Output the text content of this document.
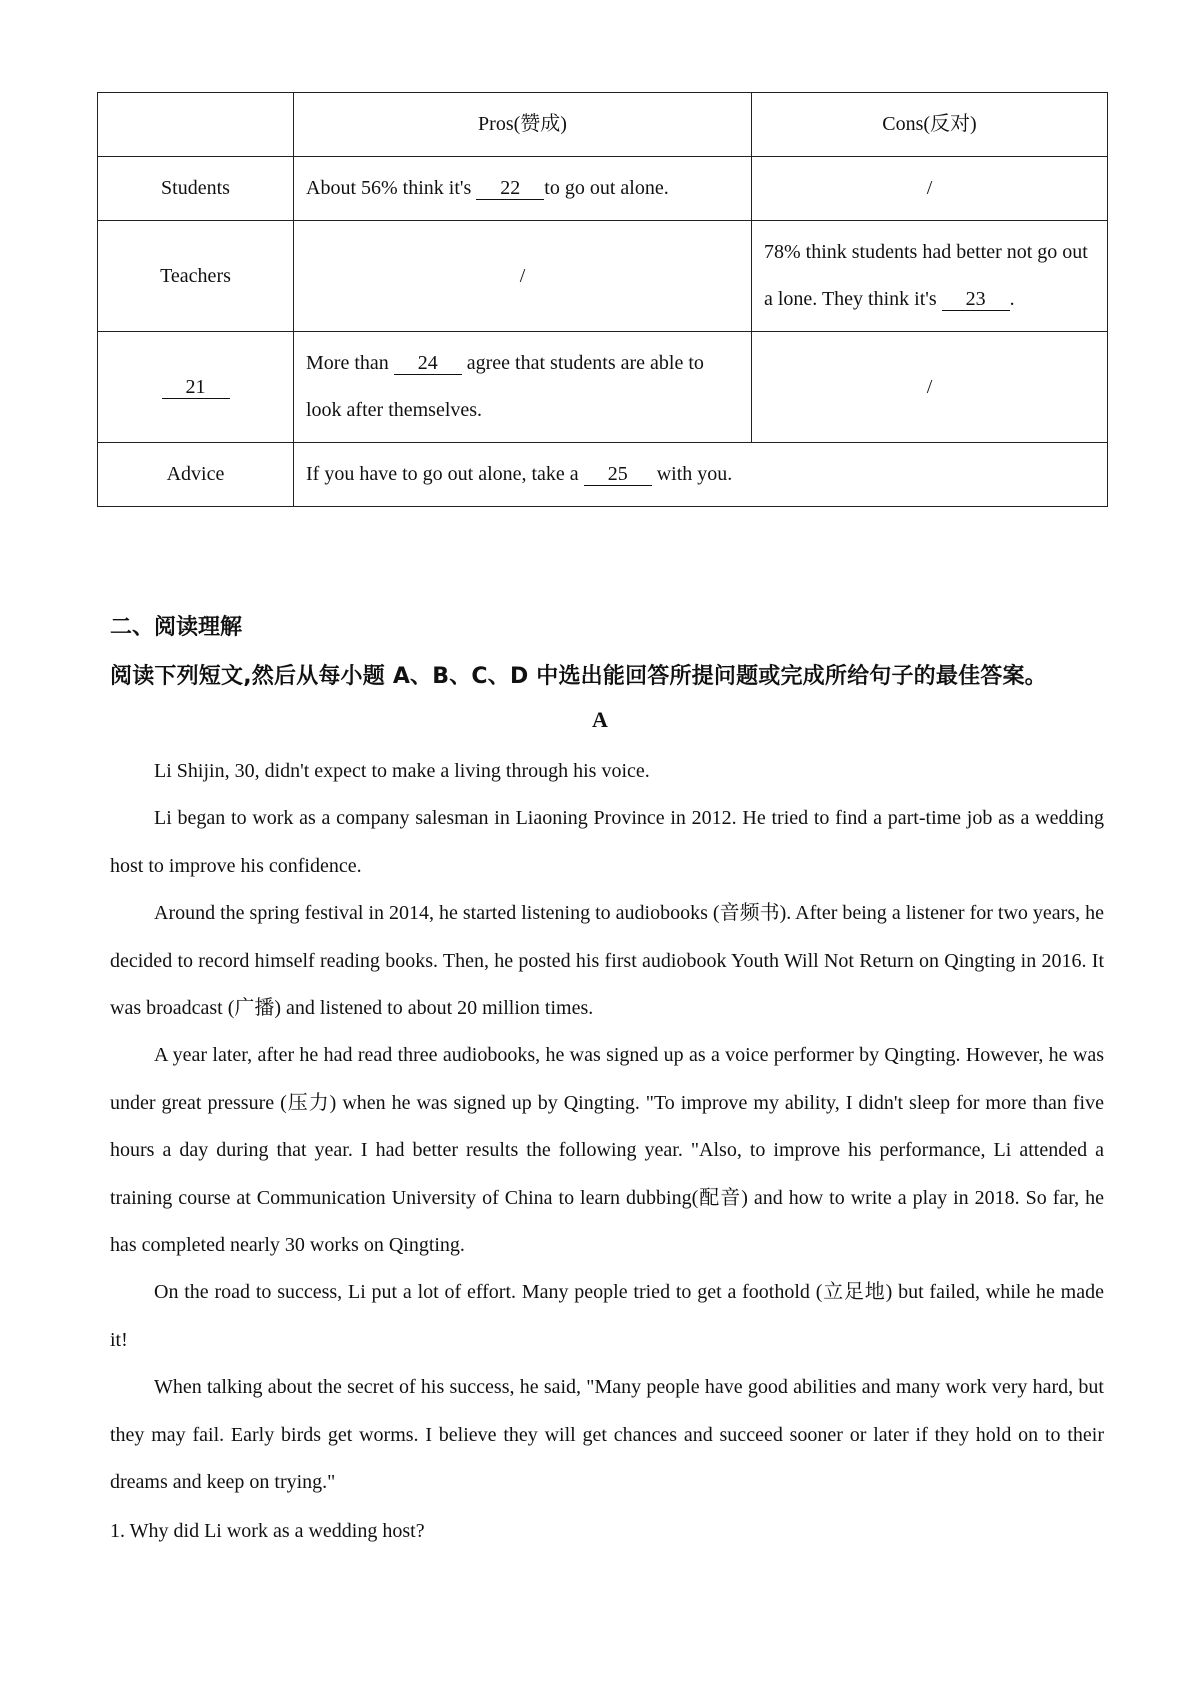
	Pros(赞成)	Cons(反对)
Students	About 56% think it's 22 to go out alone.	/
Teachers	/	78% think students had better not go out a lone. They think it's 23 .
21	More than 24 agree that students are able to look after themselves.	/
Advice	If you have to go out alone, take a 25 with you.	
二、阅读理解
阅读下列短文,然后从每小题 A、B、C、D 中选出能回答所提问题或完成所给句子的最佳答案。
A

Li Shijin, 30, didn't expect to make a living through his voice.

Li began to work as a company salesman in Liaoning Province in 2012. He tried to find a part-time job as a wedding host to improve his confidence.

Around the spring festival in 2014, he started listening to audiobooks (音频书). After being a listener for two years, he decided to record himself reading books. Then, he posted his first audiobook Youth Will Not Return on Qingting in 2016. It was broadcast (广播) and listened to about 20 million times.

A year later, after he had read three audiobooks, he was signed up as a voice performer by Qingting. However, he was under great pressure (压力) when he was signed up by Qingting. "To improve my ability, I didn't sleep for more than five hours a day during that year. I had better results the following year. "Also, to improve his performance, Li attended a training course at Communication University of China to learn dubbing(配音) and how to write a play in 2018. So far, he has completed nearly 30 works on Qingting.

On the road to success, Li put a lot of effort. Many people tried to get a foothold (立足地) but failed, while he made it!

When talking about the secret of his success, he said, "Many people have good abilities and many work very hard, but they may fail. Early birds get worms. I believe they will get chances and succeed sooner or later if they hold on to their dreams and keep on trying."

1. Why did Li work as a wedding host?
